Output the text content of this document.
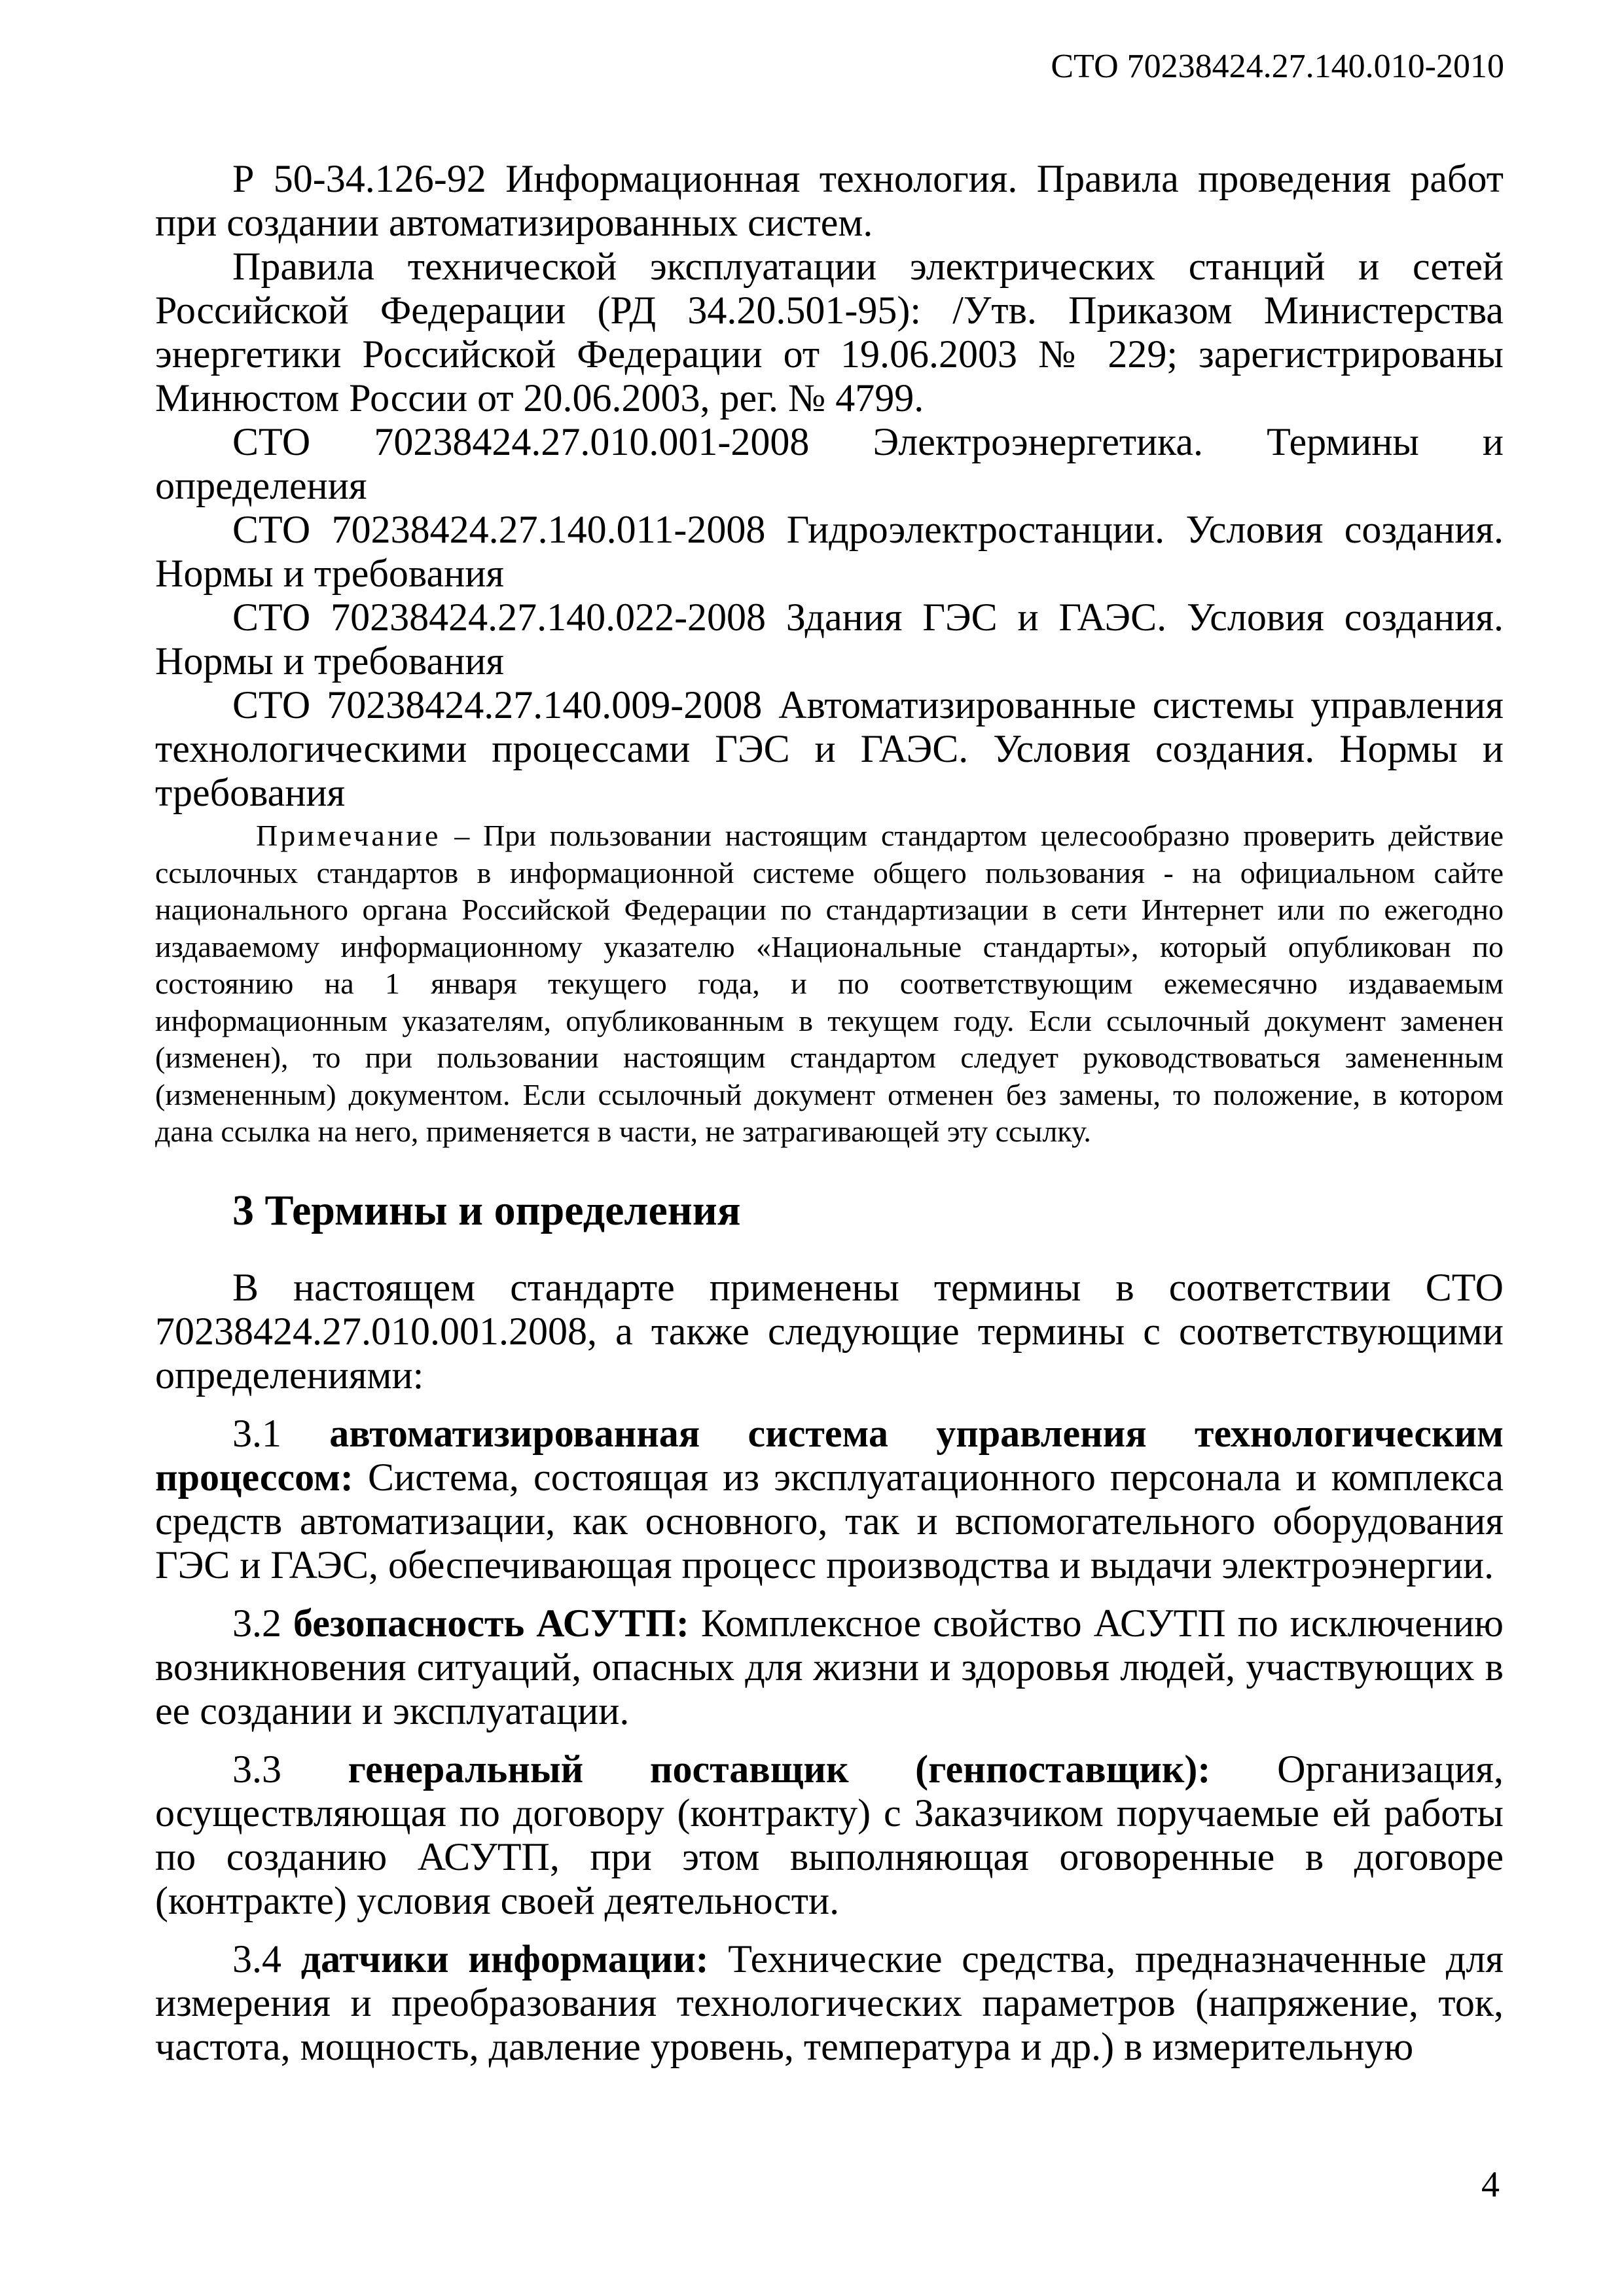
СТО 70238424.27.140.010-2010

Р 50-34.126-92 Информационная технология. Правила проведения работ при создании автоматизированных систем.

Правила технической эксплуатации электрических станций и сетей Российской Федерации (РД 34.20.501-95): /Утв. Приказом Министерства энергетики Российской Федерации от 19.06.2003 № 229; зарегистрированы Минюстом России от 20.06.2003, рег. № 4799.

СТО 70238424.27.010.001-2008 Электроэнергетика. Термины и определения

СТО 70238424.27.140.011-2008 Гидроэлектростанции. Условия создания. Нормы и требования

СТО 70238424.27.140.022-2008 Здания ГЭС и ГАЭС. Условия создания. Нормы и требования

СТО 70238424.27.140.009-2008 Автоматизированные системы управления технологическими процессами ГЭС и ГАЭС. Условия создания. Нормы и требования

Примечание – При пользовании настоящим стандартом целесообразно проверить действие ссылочных стандартов в информационной системе общего пользования - на официальном сайте национального органа Российской Федерации по стандартизации в сети Интернет или по ежегодно издаваемому информационному указателю «Национальные стандарты», который опубликован по состоянию на 1 января текущего года, и по соответствующим ежемесячно издаваемым информационным указателям, опубликованным в текущем году. Если ссылочный документ заменен (изменен), то при пользовании настоящим стандартом следует руководствоваться замененным (измененным) документом. Если ссылочный документ отменен без замены, то положение, в котором дана ссылка на него, применяется в части, не затрагивающей эту ссылку.

3 Термины и определения

В настоящем стандарте применены термины в соответствии СТО 70238424.27.010.001.2008, а также следующие термины с соответствующими определениями:

3.1 автоматизированная система управления технологическим процессом: Система, состоящая из эксплуатационного персонала и комплекса средств автоматизации, как основного, так и вспомогательного оборудования ГЭС и ГАЭС, обеспечивающая процесс производства и выдачи электроэнергии.

3.2 безопасность АСУТП: Комплексное свойство АСУТП по исключению возникновения ситуаций, опасных для жизни и здоровья людей, участвующих в ее создании и эксплуатации.

3.3 генеральный поставщик (генпоставщик): Организация, осуществляющая по договору (контракту) с Заказчиком поручаемые ей работы по созданию АСУТП, при этом выполняющая оговоренные в договоре (контракте) условия своей деятельности.

3.4 датчики информации: Технические средства, предназначенные для измерения и преобразования технологических параметров (напряжение, ток, частота, мощность, давление уровень, температура и др.) в измерительную

4
